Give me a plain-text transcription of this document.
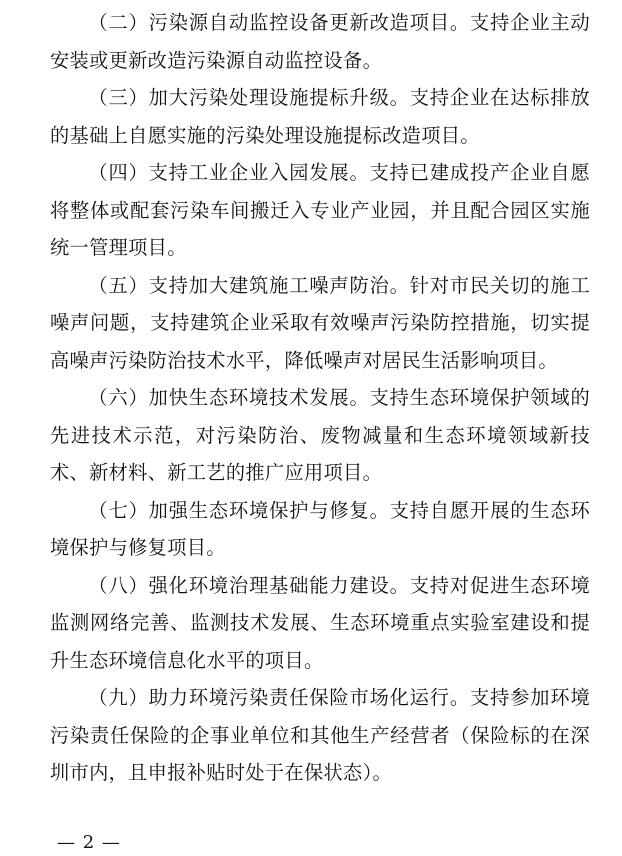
（二）污染源自动监控设备更新改造项目。支持企业主动安装或更新改造污染源自动监控设备。

（三）加大污染处理设施提标升级。支持企业在达标排放的基础上自愿实施的污染处理设施提标改造项目。

（四）支持工业企业入园发展。支持已建成投产企业自愿将整体或配套污染车间搬迁入专业产业园，并且配合园区实施统一管理项目。

（五）支持加大建筑施工噪声防治。针对市民关切的施工噪声问题，支持建筑企业采取有效噪声污染防控措施，切实提高噪声污染防治技术水平，降低噪声对居民生活影响项目。

（六）加快生态环境技术发展。支持生态环境保护领域的先进技术示范，对污染防治、废物减量和生态环境领域新技术、新材料、新工艺的推广应用项目。

（七）加强生态环境保护与修复。支持自愿开展的生态环境保护与修复项目。

（八）强化环境治理基础能力建设。支持对促进生态环境监测网络完善、监测技术发展、生态环境重点实验室建设和提升生态环境信息化水平的项目。

（九）助力环境污染责任保险市场化运行。支持参加环境污染责任保险的企事业单位和其他生产经营者（保险标的在深圳市内，且申报补贴时处于在保状态）。

— 2 —
